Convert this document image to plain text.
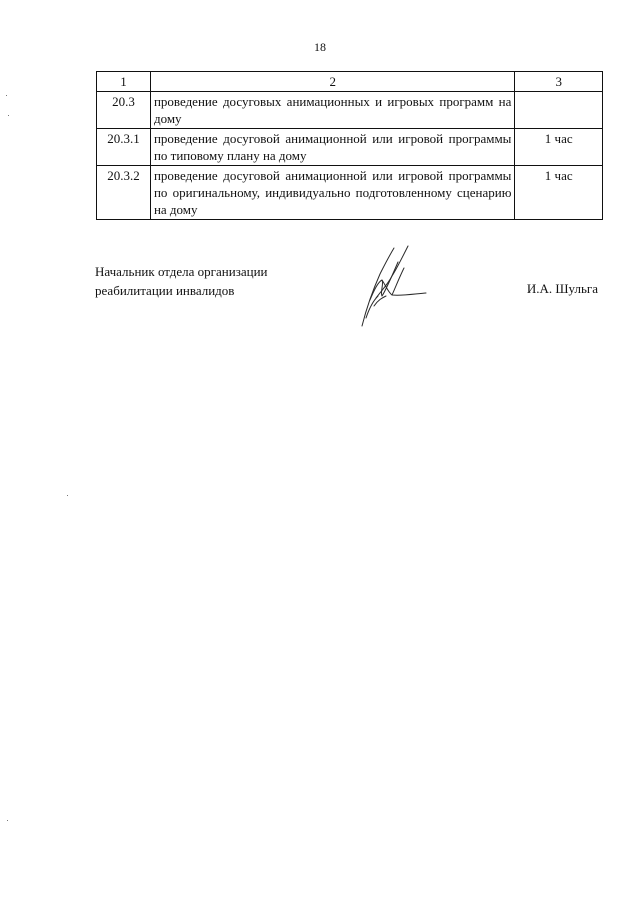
18
1	2	3
20.3	проведение досуговых анимационных и игровых программ на дому	
20.3.1	проведение досуговой анимационной или игровой программы по типовому плану на дому	1 час
20.3.2	проведение досуговой анимационной или игровой программы по оригинальному, индивидуально подготовленному сценарию на дому	1 час
Начальник отдела организации
реабилитации инвалидов	И.А. Шульга
